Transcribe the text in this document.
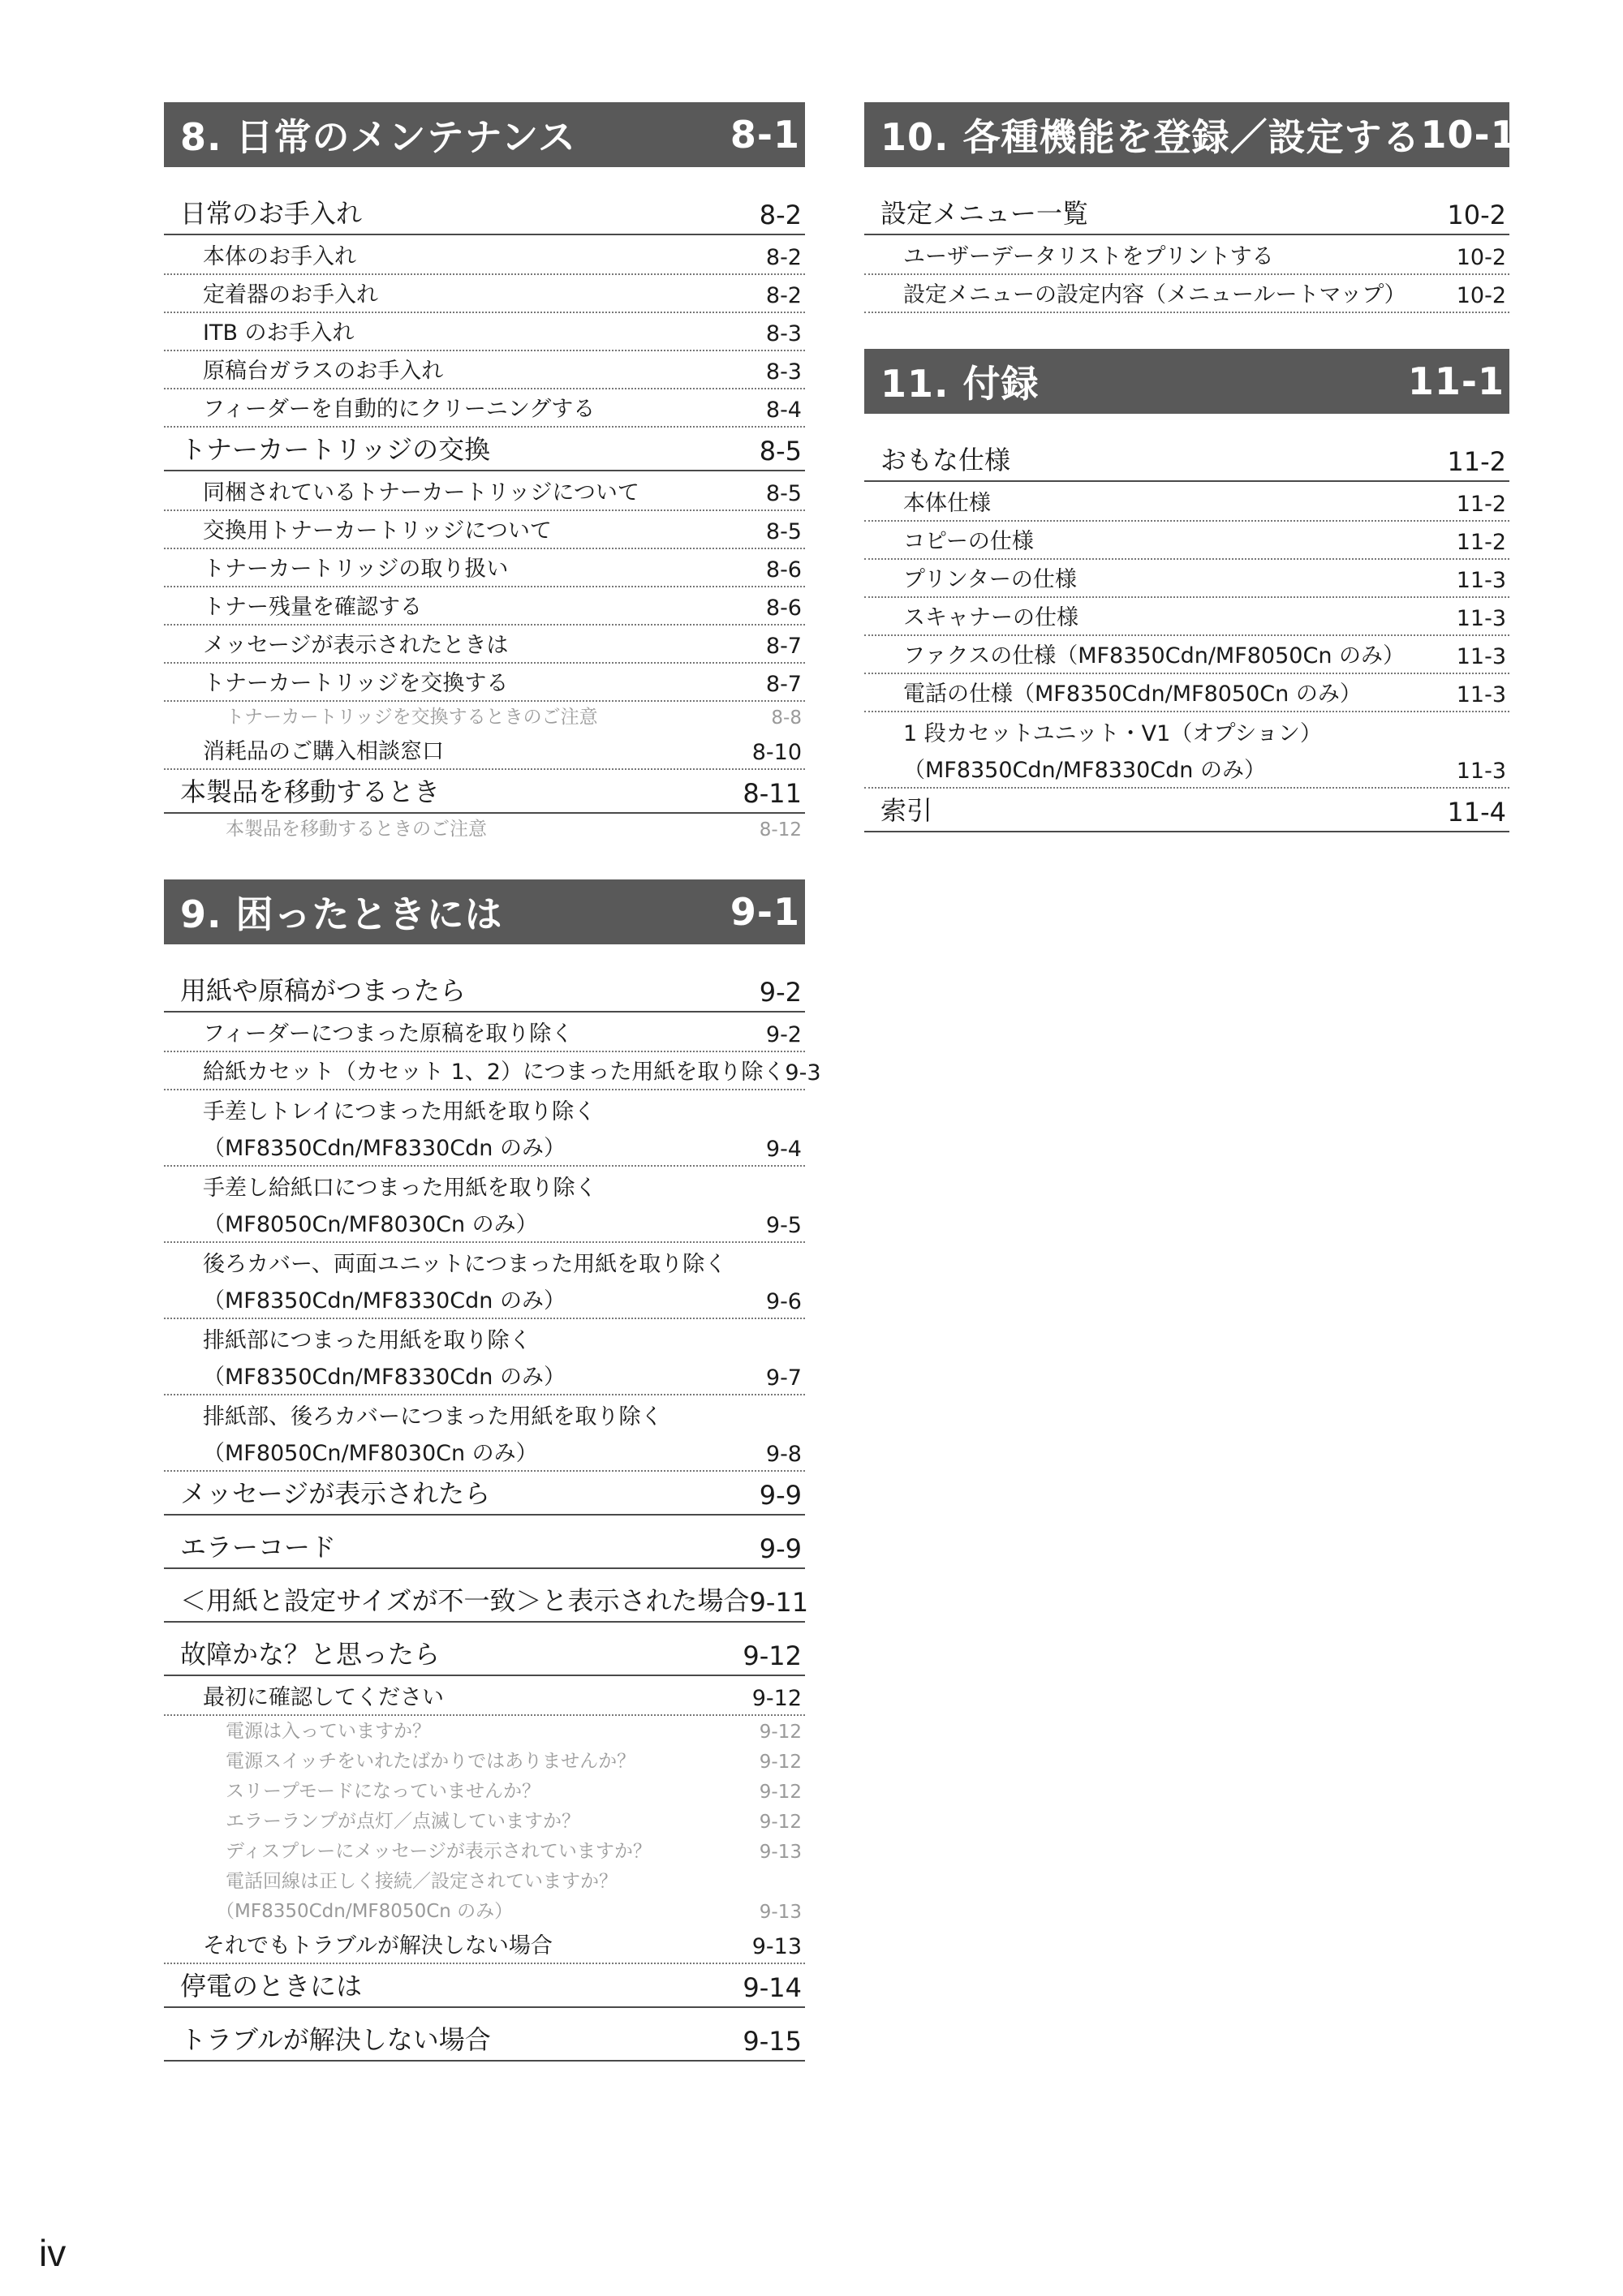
8. 日常のメンテナンス	8-1
日常のお手入れ	8-2
本体のお手入れ	8-2
定着器のお手入れ	8-2
ITB のお手入れ	8-3
原稿台ガラスのお手入れ	8-3
フィーダーを自動的にクリーニングする	8-4
トナーカートリッジの交換	8-5
同梱されているトナーカートリッジについて	8-5
交換用トナーカートリッジについて	8-5
トナーカートリッジの取り扱い	8-6
トナー残量を確認する	8-6
メッセージが表示されたときは	8-7
トナーカートリッジを交換する	8-7
トナーカートリッジを交換するときのご注意	8-8
消耗品のご購入相談窓口	8-10
本製品を移動するとき	8-11
本製品を移動するときのご注意	8-12
9. 困ったときには	9-1
用紙や原稿がつまったら	9-2
フィーダーにつまった原稿を取り除く	9-2
給紙カセット（カセット 1、2）につまった用紙を取り除く 9-3
手差しトレイにつまった用紙を取り除く
（MF8350Cdn/MF8330Cdn のみ）	9-4
手差し給紙口につまった用紙を取り除く
（MF8050Cn/MF8030Cn のみ）	9-5
後ろカバー、両面ユニットにつまった用紙を取り除く
（MF8350Cdn/MF8330Cdn のみ）	9-6
排紙部につまった用紙を取り除く
（MF8350Cdn/MF8330Cdn のみ）	9-7
排紙部、後ろカバーにつまった用紙を取り除く
（MF8050Cn/MF8030Cn のみ）	9-8
メッセージが表示されたら	9-9
エラーコード	9-9
＜用紙と設定サイズが不一致＞と表示された場合 9-11
故障かな？と思ったら	9-12
最初に確認してください	9-12
電源は入っていますか？	9-12
電源スイッチをいれたばかりではありませんか？	9-12
スリープモードになっていませんか？	9-12
エラーランプが点灯／点滅していますか？	9-12
ディスプレーにメッセージが表示されていますか？	9-13
電話回線は正しく接続／設定されていますか？
（MF8350Cdn/MF8050Cn のみ）	9-13
それでもトラブルが解決しない場合	9-13
停電のときには	9-14
トラブルが解決しない場合	9-15
10. 各種機能を登録／設定する 10-1
設定メニュー一覧	10-2
ユーザーデータリストをプリントする	10-2
設定メニューの設定内容（メニュールートマップ） 10-2
11. 付録	11-1
おもな仕様	11-2
本体仕様	11-2
コピーの仕様	11-2
プリンターの仕様	11-3
スキャナーの仕様	11-3
ファクスの仕様（MF8350Cdn/MF8050Cn のみ） 11-3
電話の仕様（MF8350Cdn/MF8050Cn のみ）	11-3
1 段カセットユニット・V1（オプション）
（MF8350Cdn/MF8330Cdn のみ）	11-3
索引	11-4
iv
